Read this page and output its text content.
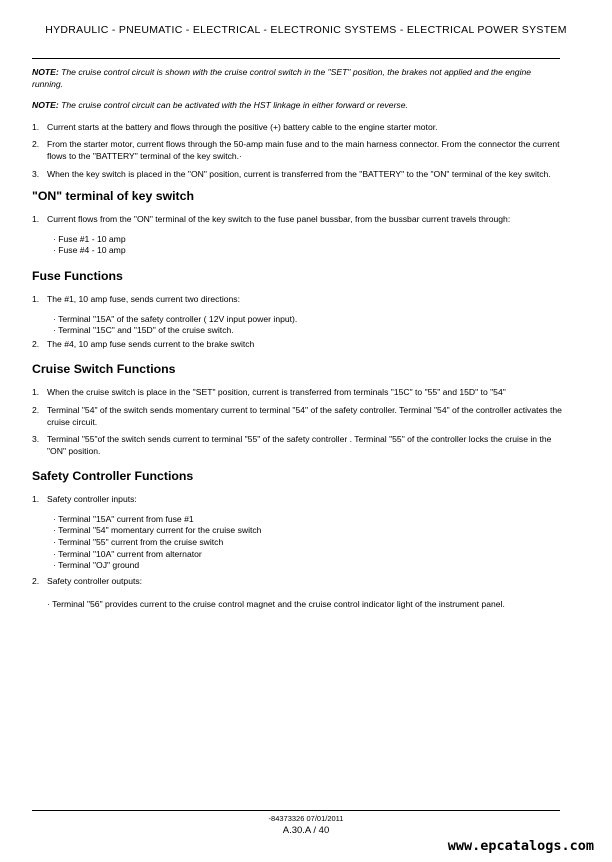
HYDRAULIC - PNEUMATIC - ELECTRICAL - ELECTRONIC SYSTEMS - ELECTRICAL POWER SYSTEM

NOTE: The cruise control circuit is shown with the cruise control switch in the "SET" position, the brakes not applied and the engine running.

NOTE: The cruise control circuit can be activated with the HST linkage in either forward or reverse.

1. Current starts at the battery and flows through the positive (+) battery cable to the engine starter motor.
2. From the starter motor, current flows through the 50-amp main fuse and to the main harness connector. From the connector the current flows to the "BATTERY" terminal of the key switch.·
3. When the key switch is placed in the "ON" position, current is transferred from the "BATTERY" to the "ON" terminal of the key switch.
"ON" terminal of key switch
1. Current flows from the "ON" terminal of the key switch to the fuse panel bussbar, from the bussbar current travels through:
· Fuse #1 - 10 amp
· Fuse #4 - 10 amp
Fuse Functions
1. The #1, 10 amp fuse, sends current two directions:
· Terminal "15A" of the safety controller ( 12V input power input).
· Terminal "15C" and "15D" of the cruise switch.
2. The #4, 10 amp fuse sends current to the brake switch
Cruise Switch Functions
1. When the cruise switch is place in the "SET" position, current is transferred from terminals "15C" to "55" and 15D" to "54"
2. Terminal "54" of the switch sends momentary current to terminal "54" of the safety controller. Terminal "54" of the controller activates the cruise circuit.
3. Terminal "55"of the switch sends current to terminal "55" of the safety controller . Terminal "55" of the controller locks the cruise in the "ON" position.
Safety Controller Functions
1. Safety controller inputs:
· Terminal "15A" current from fuse #1
· Terminal "54" momentary current for the cruise switch
· Terminal "55" current from the cruise switch
· Terminal "10A" current from alternator
· Terminal "OJ" ground
2. Safety controller outputs:
· Terminal "56" provides current to the cruise control magnet and the cruise control indicator light of the instrument panel.
-84373326 07/01/2011
A.30.A / 40
www.epcatalogs.com
